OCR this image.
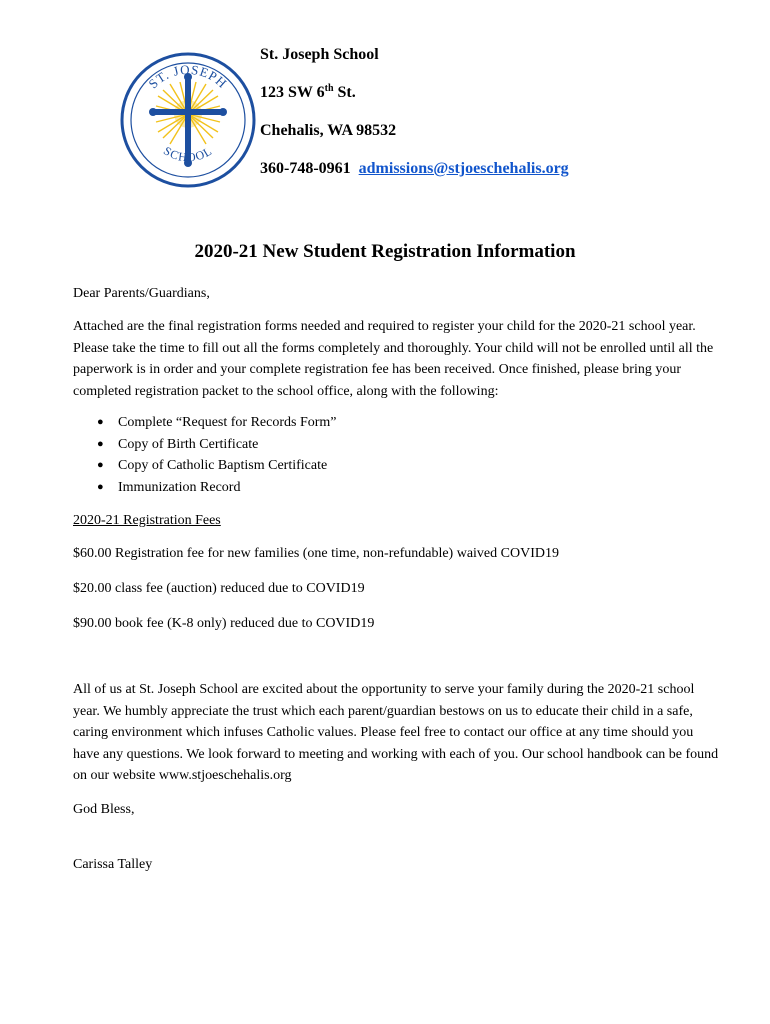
ST. JOSEPH
SCHOOL
St. Joseph School
123 SW 6th St.
Chehalis, WA 98532
360-748-0961 admissions@stjoeschehalis.org
2020-21 New Student Registration Information
Dear Parents/Guardians,
Attached are the final registration forms needed and required to register your child for the 2020-21 school year. Please take the time to fill out all the forms completely and thoroughly. Your child will not be enrolled until all the paperwork is in order and your complete registration fee has been received. Once finished, please bring your completed registration packet to the school office, along with the following:
● Complete “Request for Records Form”
● Copy of Birth Certificate
● Copy of Catholic Baptism Certificate
● Immunization Record
2020-21 Registration Fees
$60.00 Registration fee for new families (one time, non-refundable) waived COVID19
$20.00 class fee (auction) reduced due to COVID19
$90.00 book fee (K-8 only) reduced due to COVID19
All of us at St. Joseph School are excited about the opportunity to serve your family during the 2020-21 school year. We humbly appreciate the trust which each parent/guardian bestows on us to educate their child in a safe, caring environment which infuses Catholic values. Please feel free to contact our office at any time should you have any questions. We look forward to meeting and working with each of you. Our school handbook can be found on our website www.stjoeschehalis.org
God Bless,
Carissa Talley
